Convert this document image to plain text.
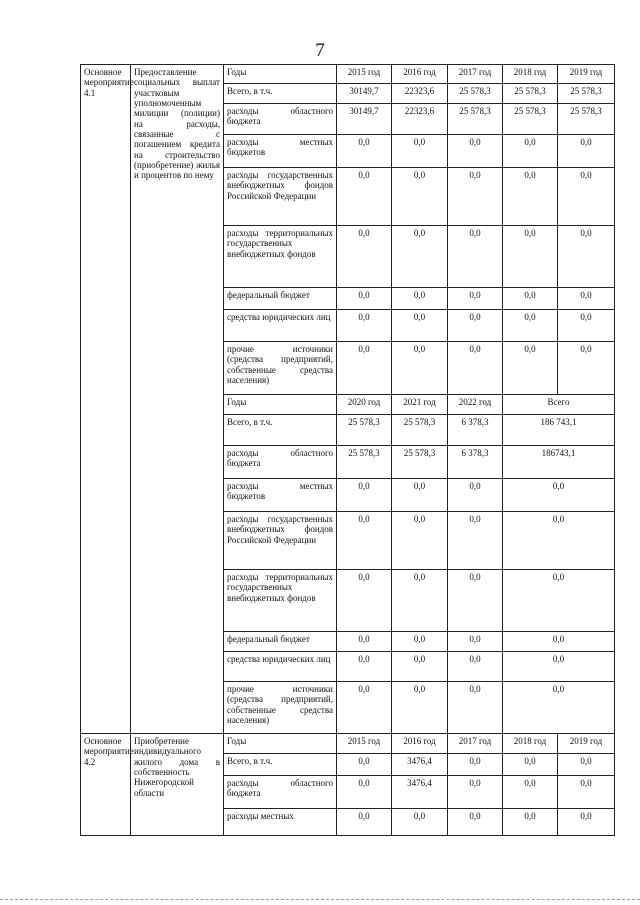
7
Основное мероприятие 4.1	Предоставление социальных выплат участковым уполномоченным милиции (полиции) на расходы, связанные с погашением кредита на строительство (приобретение) жилья и процентов по нему	Годы	2015 год	2016 год	2017 год	2018 год	2019 год
		Всего, в т.ч.	30149,7	22323,6	25 578,3	25 578,3	25 578,3
		расходы областного бюджета	30149,7	22323,6	25 578,3	25 578,3	25 578,3
		расходы местных бюджетов	0,0	0,0	0,0	0,0	0,0
		расходы государственных внебюджетных фондов Российской Федерации	0,0	0,0	0,0	0,0	0,0
		расходы территориальных государственных внебюджетных фондов	0,0	0,0	0,0	0,0	0,0
		федеральный бюджет	0,0	0,0	0,0	0,0	0,0
		средства юридических лиц	0,0	0,0	0,0	0,0	0,0
		прочие источники (средства предприятий, собственные средства населения)	0,0	0,0	0,0	0,0	0,0
		Годы	2020 год	2021 год	2022 год	Всего	
		Всего, в т.ч.	25 578,3	25 578,3	6 378,3	186 743,1	
		расходы областного бюджета	25 578,3	25 578,3	6 378,3	186743,1	
		расходы местных бюджетов	0,0	0,0	0,0	0,0	
		расходы государственных внебюджетных фондов Российской Федерации	0,0	0,0	0,0	0,0	
		расходы территориальных государственных внебюджетных фондов	0,0	0,0	0,0	0,0	
		федеральный бюджет	0,0	0,0	0,0	0,0	
		средства юридических лиц	0,0	0,0	0,0	0,0	
		прочие источники (средства предприятий, собственные средства населения)	0,0	0,0	0,0	0,0	
Основное мероприятие 4.2	Приобретение индивидуального жилого дома в собственность Нижегородской области	Годы	2015 год	2016 год	2017 год	2018 год	2019 год
		Всего, в т.ч.	0,0	3476,4	0,0	0,0	0,0
		расходы областного бюджета	0,0	3476,4	0,0	0,0	0,0
		расходы местных	0,0	0,0	0,0	0,0	0,0
